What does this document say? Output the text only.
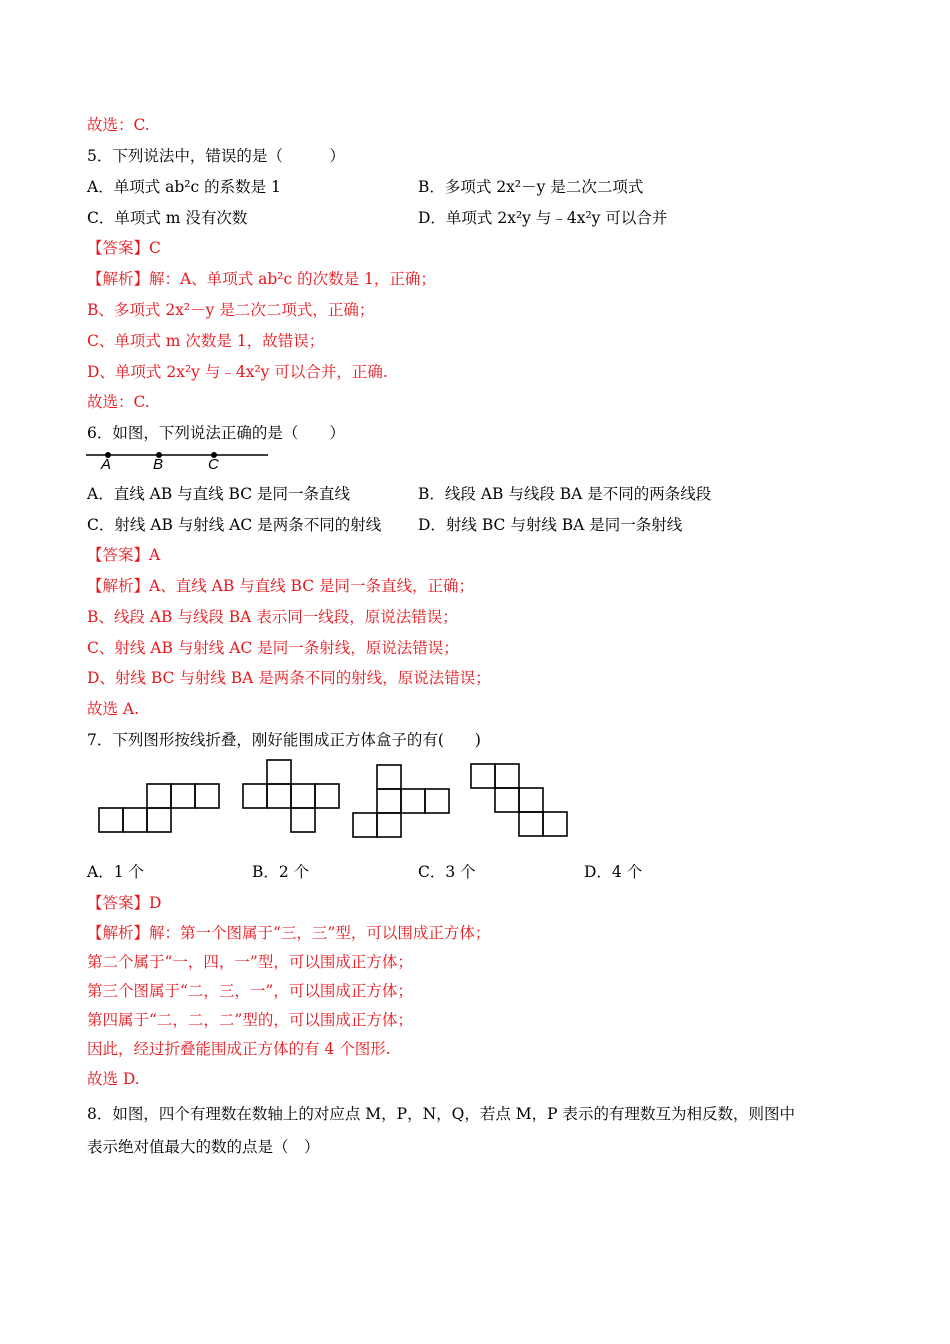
故选：C.
5．下列说法中，错误的是（　　　）
A．单项式 ab²c 的系数是 1	B．多项式 2x²－y 是二次二项式
C．单项式 m 没有次数	D．单项式 2x²y 与﹣4x²y 可以合并
【答案】C
【解析】解：A、单项式 ab²c 的次数是 1，正确；
B、多项式 2x²－y 是二次二项式，正确；
C、单项式 m 次数是 1，故错误；
D、单项式 2x²y 与﹣4x²y 可以合并，正确.
故选：C.
6．如图，下列说法正确的是（　　）
A	B	C
A．直线 AB 与直线 BC 是同一条直线	B．线段 AB 与线段 BA 是不同的两条线段
C．射线 AB 与射线 AC 是两条不同的射线 D．射线 BC 与射线 BA 是同一条射线
【答案】A
【解析】A、直线 AB 与直线 BC 是同一条直线，正确；
B、线段 AB 与线段 BA 表示同一线段，原说法错误；
C、射线 AB 与射线 AC 是同一条射线，原说法错误；
D、射线 BC 与射线 BA 是两条不同的射线，原说法错误；
故选 A.
7．下列图形按线折叠，刚好能围成正方体盒子的有(　　)
A．1 个	B．2 个	C．3 个	D．4 个
【答案】D
【解析】解：第一个图属于“三，三”型，可以围成正方体；
第二个属于“一，四，一”型，可以围成正方体；
第三个图属于“二，三，一”，可以围成正方体；
第四属于“二，二，二”型的，可以围成正方体；
因此，经过折叠能围成正方体的有 4 个图形.
故选 D.
8．如图，四个有理数在数轴上的对应点 M，P，N，Q，若点 M，P 表示的有理数互为相反数，则图中
表示绝对值最大的数的点是（　）
